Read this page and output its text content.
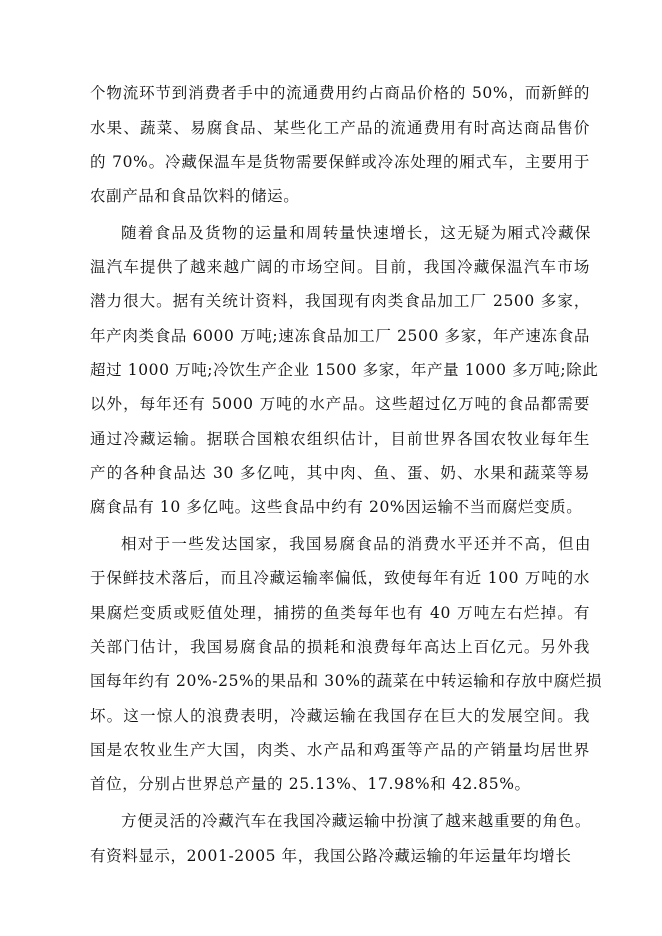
个物流环节到消费者手中的流通费用约占商品价格的 50%，而新鲜的
水果、蔬菜、易腐食品、某些化工产品的流通费用有时高达商品售价
的 70%。冷藏保温车是货物需要保鲜或冷冻处理的厢式车，主要用于
农副产品和食品饮料的储运。
随着食品及货物的运量和周转量快速增长，这无疑为厢式冷藏保
温汽车提供了越来越广阔的市场空间。目前，我国冷藏保温汽车市场
潜力很大。据有关统计资料，我国现有肉类食品加工厂 2500 多家，
年产肉类食品 6000 万吨;速冻食品加工厂 2500 多家，年产速冻食品
超过 1000 万吨;冷饮生产企业 1500 多家，年产量 1000 多万吨;除此
以外，每年还有 5000 万吨的水产品。这些超过亿万吨的食品都需要
通过冷藏运输。据联合国粮农组织估计，目前世界各国农牧业每年生
产的各种食品达 30 多亿吨，其中肉、鱼、蛋、奶、水果和蔬菜等易
腐食品有 10 多亿吨。这些食品中约有 20%因运输不当而腐烂变质。
相对于一些发达国家，我国易腐食品的消费水平还并不高，但由
于保鲜技术落后，而且冷藏运输率偏低，致使每年有近 100 万吨的水
果腐烂变质或贬值处理，捕捞的鱼类每年也有 40 万吨左右烂掉。有
关部门估计，我国易腐食品的损耗和浪费每年高达上百亿元。另外我
国每年约有 20%-25%的果品和 30%的蔬菜在中转运输和存放中腐烂损
坏。这一惊人的浪费表明，冷藏运输在我国存在巨大的发展空间。我
国是农牧业生产大国，肉类、水产品和鸡蛋等产品的产销量均居世界
首位，分别占世界总产量的 25.13%、17.98%和 42.85%。
方便灵活的冷藏汽车在我国冷藏运输中扮演了越来越重要的角色。
有资料显示，2001-2005 年，我国公路冷藏运输的年运量年均增长
